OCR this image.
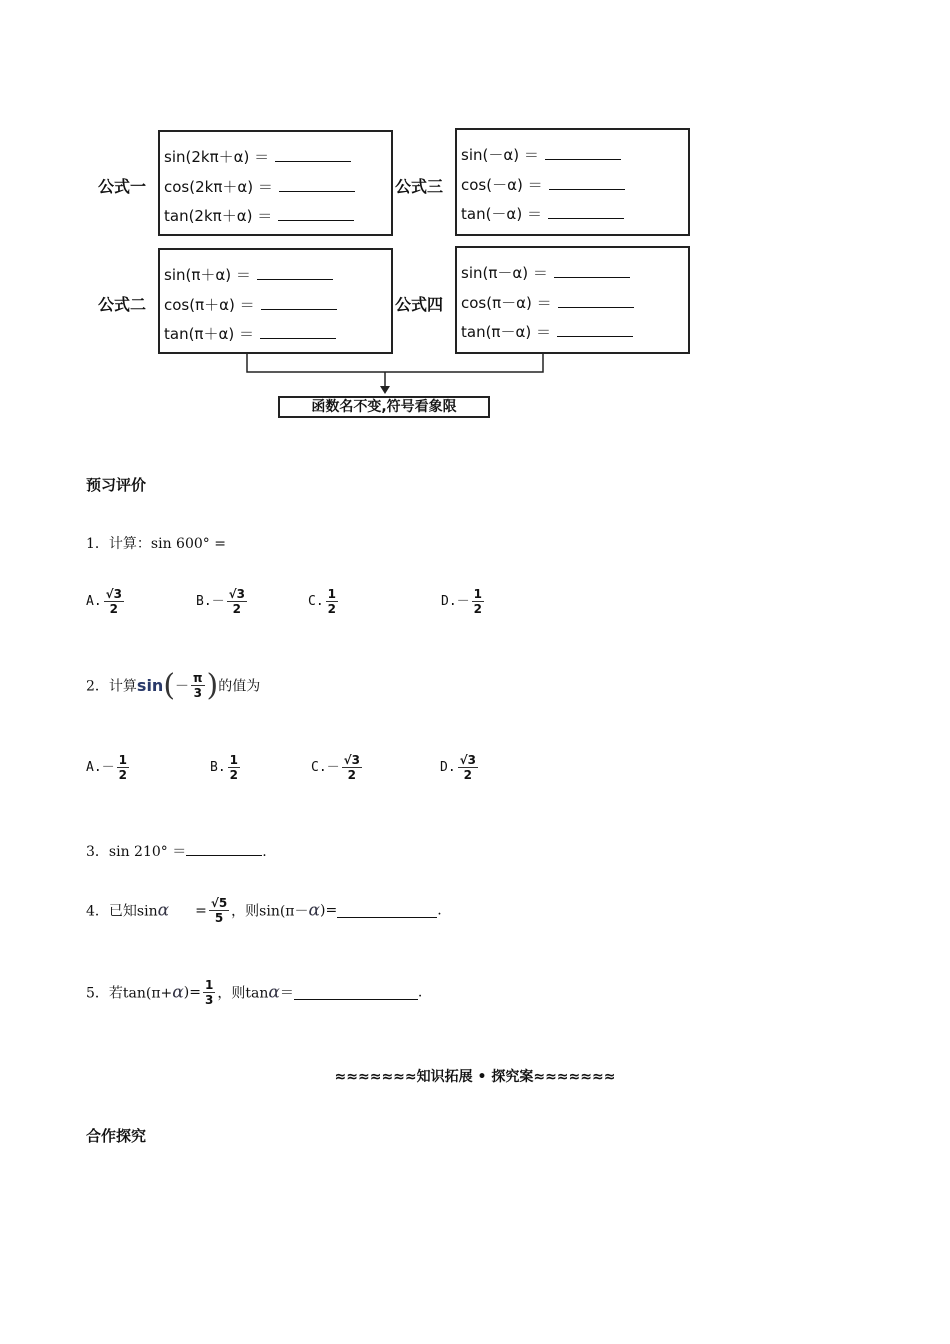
公式一
sin(2kπ＋α) ＝
cos(2kπ＋α) ＝
tan(2kπ＋α) ＝
公式三
sin(－α) ＝
cos(－α) ＝
tan(－α) ＝
公式二
sin(π＋α) ＝
cos(π＋α) ＝
tan(π＋α) ＝
公式四
sin(π－α) ＝
cos(π－α) ＝
tan(π－α) ＝
函数名不变,符号看象限
预习评价
1．计算：sin 600° =
A. $\frac{√3}{2}$	$B.- \frac{√3}{2}$	C. $\frac{1}{2}$	$D.- \frac{1}{2}$
2．计算$\sin(- \frac{\pi}{3}$ )的值为
$A.- \frac{1}{2}$	B. $\frac{1}{2}$	$C.- \frac{√3}{2}$	D. $\frac{√3}{2}$
3．sin 210° ＝	.
4．已知$\sin\alpha = \frac{√5}{5}$ ，则sin(π－α)=	.
5．若$\tan(\pi+\alpha)= \frac{1}{3}$ ，则tanα＝	.
≈≈≈≈≈≈≈知识拓展 • 探究案≈≈≈≈≈≈≈
合作探究
